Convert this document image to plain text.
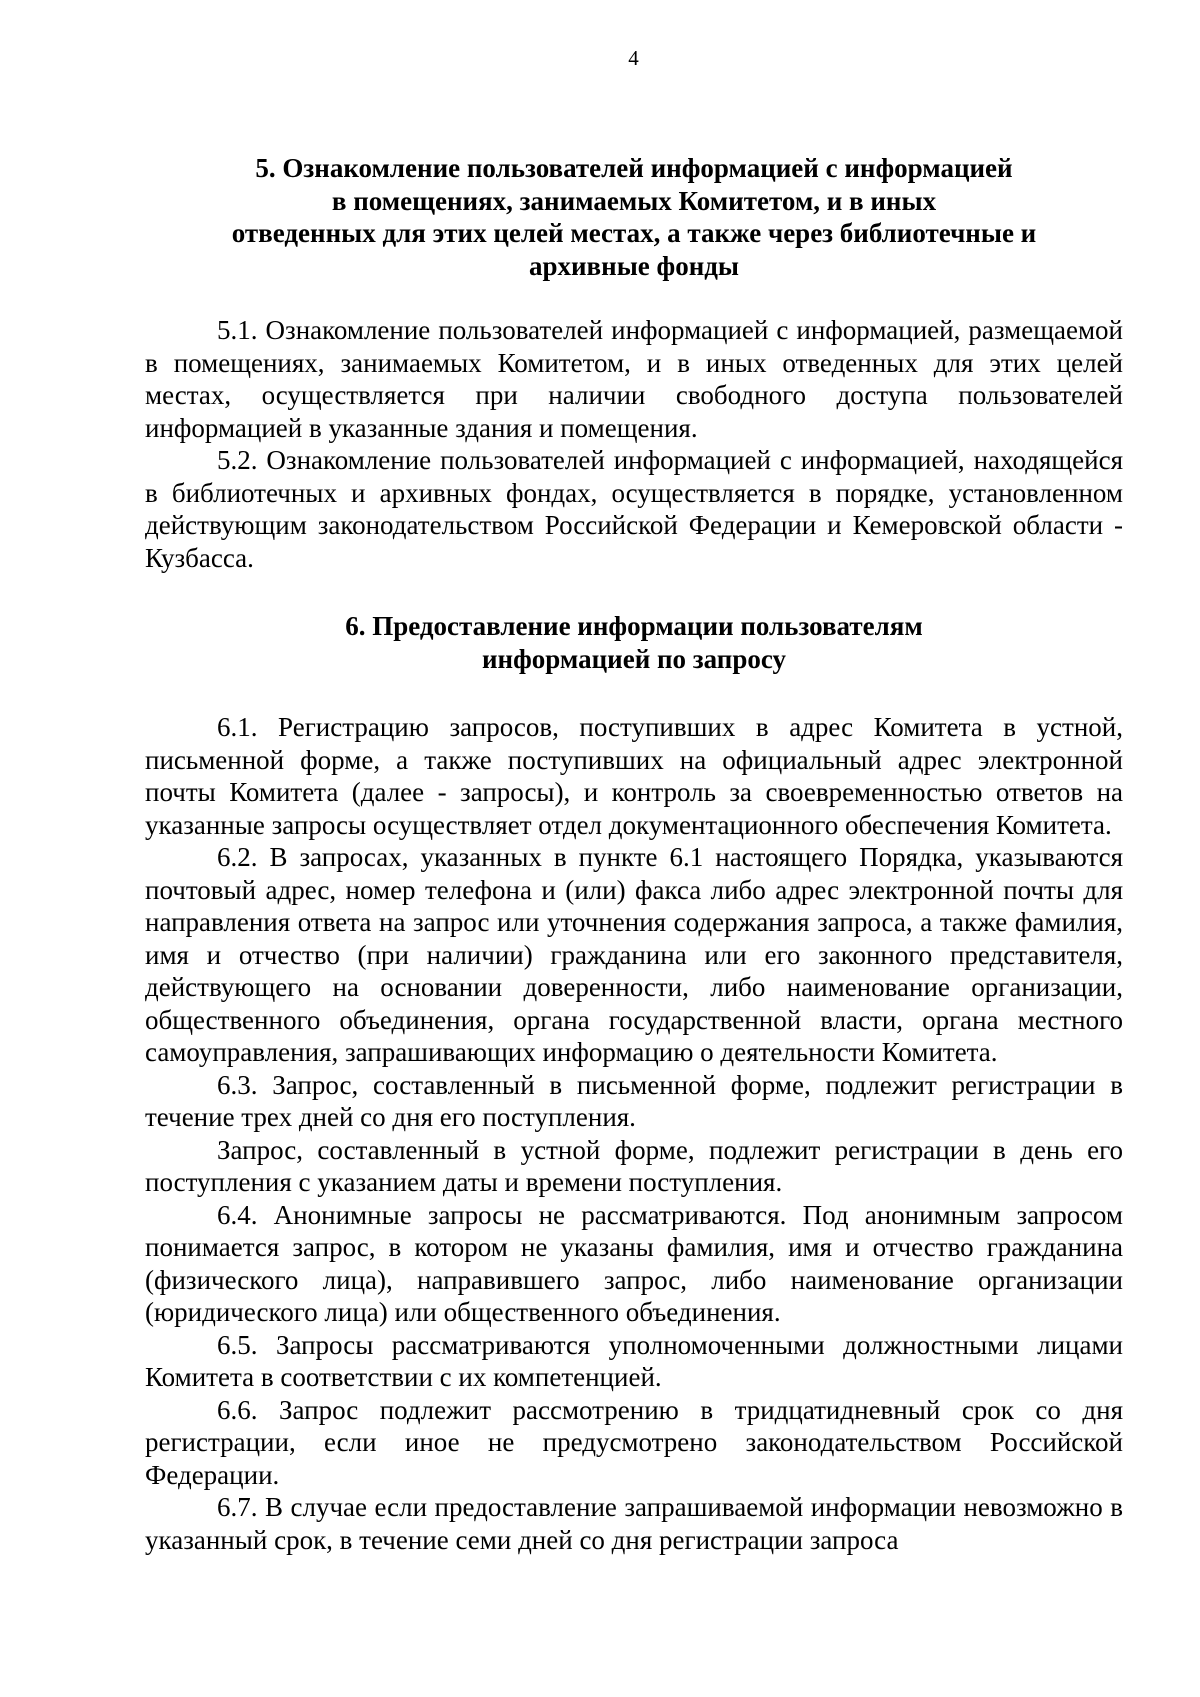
4
5. Ознакомление пользователей информацией с информацией
в помещениях, занимаемых Комитетом, и в иных
отведенных для этих целей местах, а также через библиотечные и
архивные фонды

5.1. Ознакомление пользователей информацией с информацией, размещаемой в помещениях, занимаемых Комитетом, и в иных отведенных для этих целей местах, осуществляется при наличии свободного доступа пользователей информацией в указанные здания и помещения.

5.2. Ознакомление пользователей информацией с информацией, находящейся в библиотечных и архивных фондах, осуществляется в порядке, установленном действующим законодательством Российской Федерации и Кемеровской области - Кузбасса.

6. Предоставление информации пользователям
информацией по запросу

6.1. Регистрацию запросов, поступивших в адрес Комитета в устной, письменной форме, а также поступивших на официальный адрес электронной почты Комитета (далее - запросы), и контроль за своевременностью ответов на указанные запросы осуществляет отдел документационного обеспечения Комитета.

6.2. В запросах, указанных в пункте 6.1 настоящего Порядка, указываются почтовый адрес, номер телефона и (или) факса либо адрес электронной почты для направления ответа на запрос или уточнения содержания запроса, а также фамилия, имя и отчество (при наличии) гражданина или его законного представителя, действующего на основании доверенности, либо наименование организации, общественного объединения, органа государственной власти, органа местного самоуправления, запрашивающих информацию о деятельности Комитета.

6.3. Запрос, составленный в письменной форме, подлежит регистрации в течение трех дней со дня его поступления.

Запрос, составленный в устной форме, подлежит регистрации в день его поступления с указанием даты и времени поступления.

6.4. Анонимные запросы не рассматриваются. Под анонимным запросом понимается запрос, в котором не указаны фамилия, имя и отчество гражданина (физического лица), направившего запрос, либо наименование организации (юридического лица) или общественного объединения.

6.5. Запросы рассматриваются уполномоченными должностными лицами Комитета в соответствии с их компетенцией.

6.6. Запрос подлежит рассмотрению в тридцатидневный срок со дня регистрации, если иное не предусмотрено законодательством Российской Федерации.

6.7. В случае если предоставление запрашиваемой информации невозможно в указанный срок, в течение семи дней со дня регистрации запроса
